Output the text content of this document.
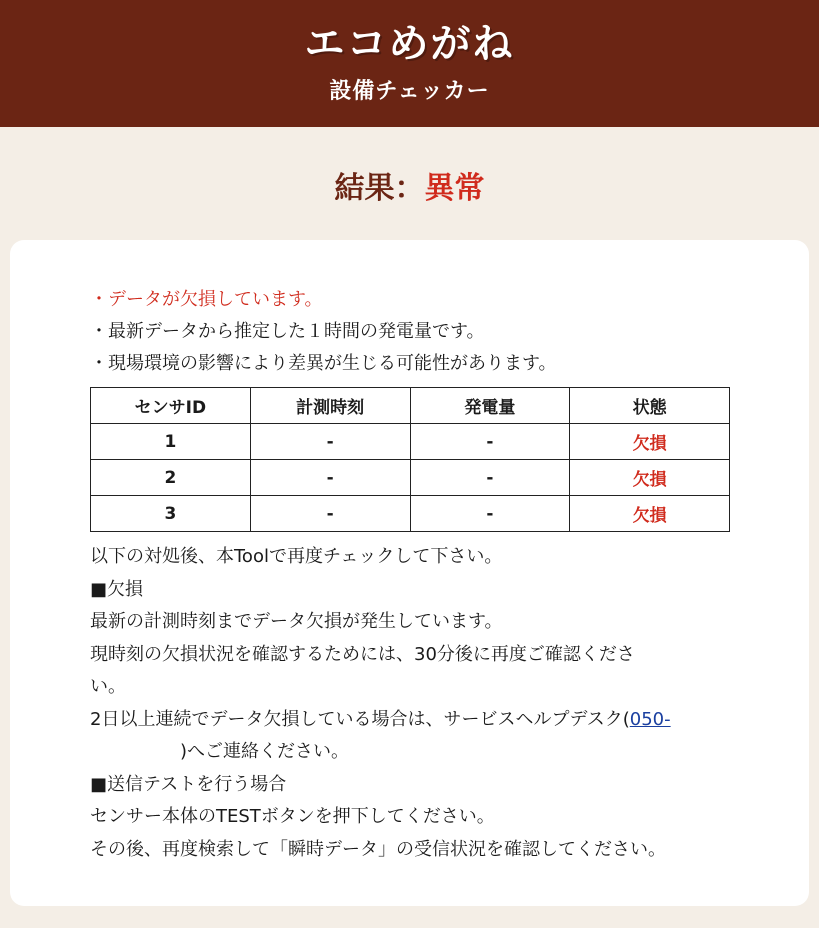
エコめがね
設備チェッカー
結果：異常
・データが欠損しています。
・最新データから推定した１時間の発電量です。
・現場環境の影響により差異が生じる可能性があります。
センサID	計測時刻	発電量	状態
1	-	-	欠損
2	-	-	欠損
3	-	-	欠損

以下の対処後、本Toolで再度チェックして下さい。

■欠損

最新の計測時刻までデータ欠損が発生しています。

現時刻の欠損状況を確認するためには、30分後に再度ご確認くださ

い。

2日以上連続でデータ欠損している場合は、サービスヘルプデスク(050-

)へご連絡ください。

■送信テストを行う場合

センサー本体のTESTボタンを押下してください。

その後、再度検索して「瞬時データ」の受信状況を確認してください。
